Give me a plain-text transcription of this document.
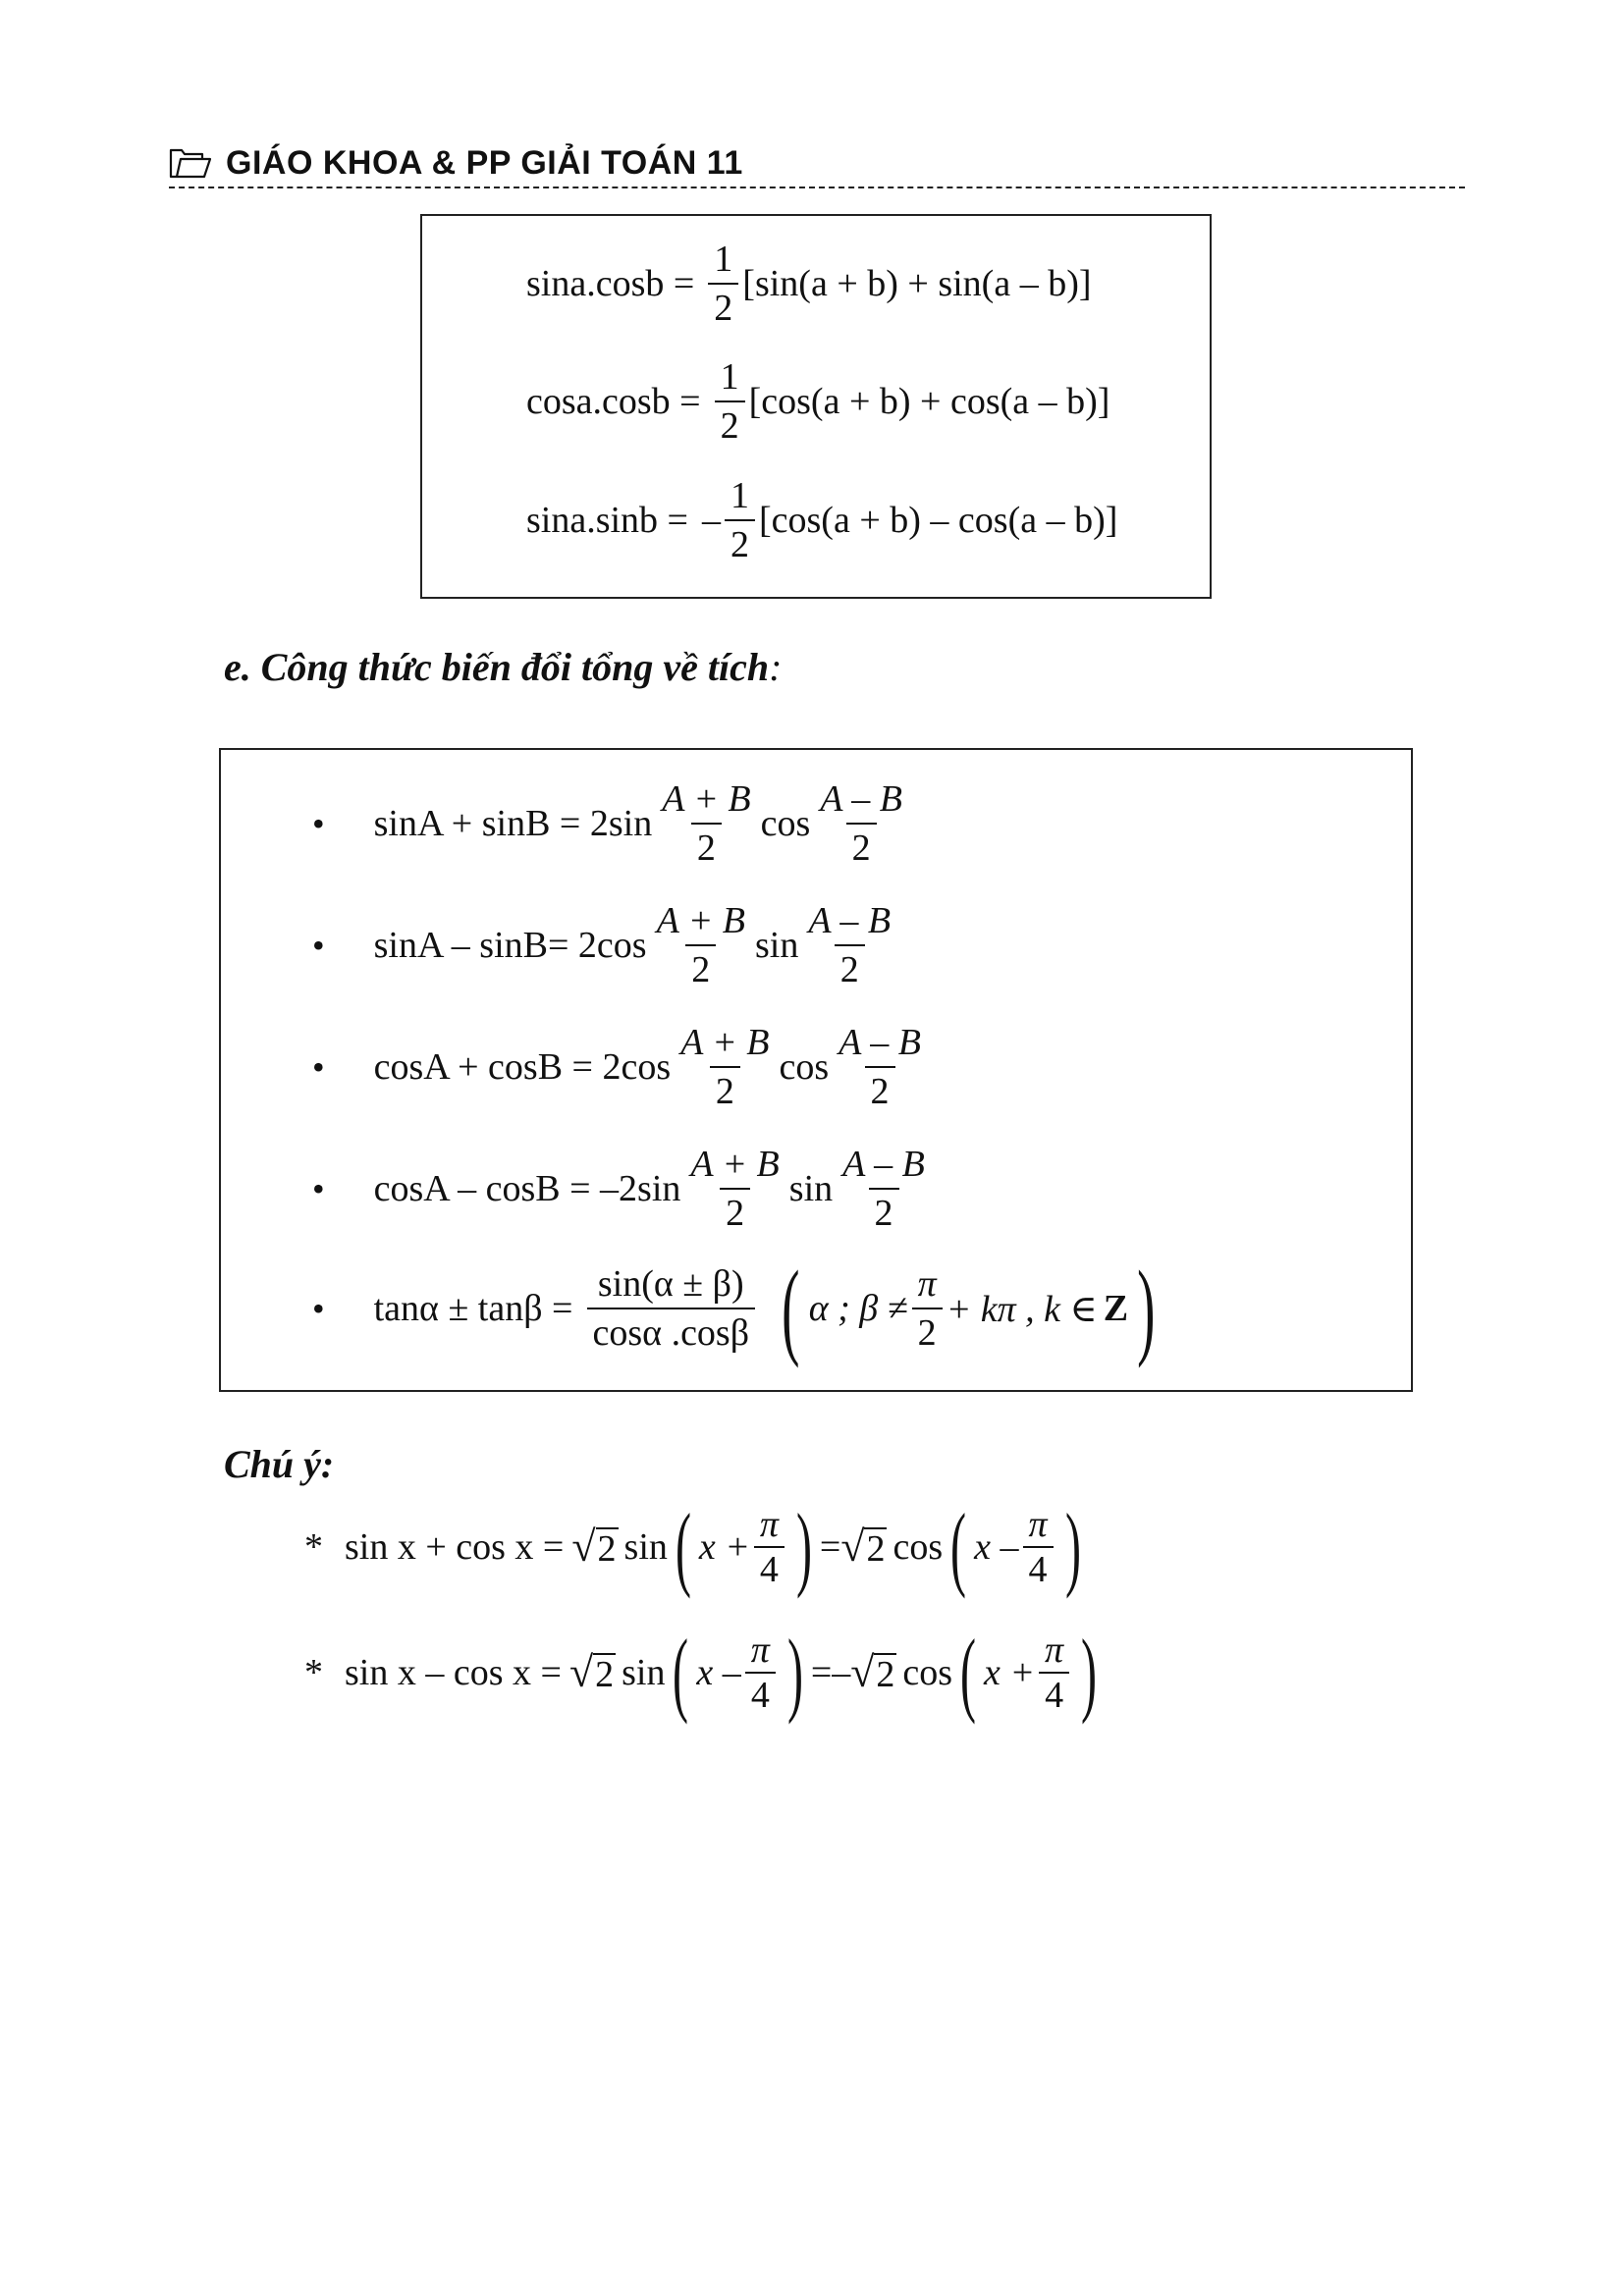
GIÁO KHOA & PP GIẢI TOÁN 11
$\sin a.\cos b = \frac{1}{2} [\sin(a + b) + \sin(a - b)]$
$\cos a.\cos b = \frac{1}{2} [\cos(a + b) + \cos(a - b)]$
sina.sinb = – $\frac{1}{2} [\cos(a + b) - \cos(a - b)]$
e. Công thức biến đổi tổng về tích:
• $\sin A + \sin B = 2\sin \frac{A + B}{2}$ $\cos \frac{A - B}{2}$
• $\sin A - \sin B= 2\cos \frac{A + B}{2}$ $\sin \frac{A - B}{2}$
• $\cos A + \cos B = 2\cos \frac{A + B}{2}$ $\cos \frac{A - B}{2}$
• $\cos A - \cos B = -2\sin \frac{A + B}{2}$ $\sin \frac{A - B}{2}$
• $\tan\alpha \pm \tan\beta = \frac{\sin(\alpha \pm \beta)}{\cos\alpha .\cos\beta}$ ( α ; $\beta \ne \frac{\pi}{2} + k\pi$ , k ∈ Z )
Chú ý:
* sin x + cos x = √ 2 sin ( $x + \frac{\pi}{4}$ ) = √ 2 cos ( x – $\frac{\pi}{4}$ )
* sin x – cos x = √ 2 sin ( x – $\frac{\pi}{4}$ ) = – √ 2 cos ( $x + \frac{\pi}{4}$ )
